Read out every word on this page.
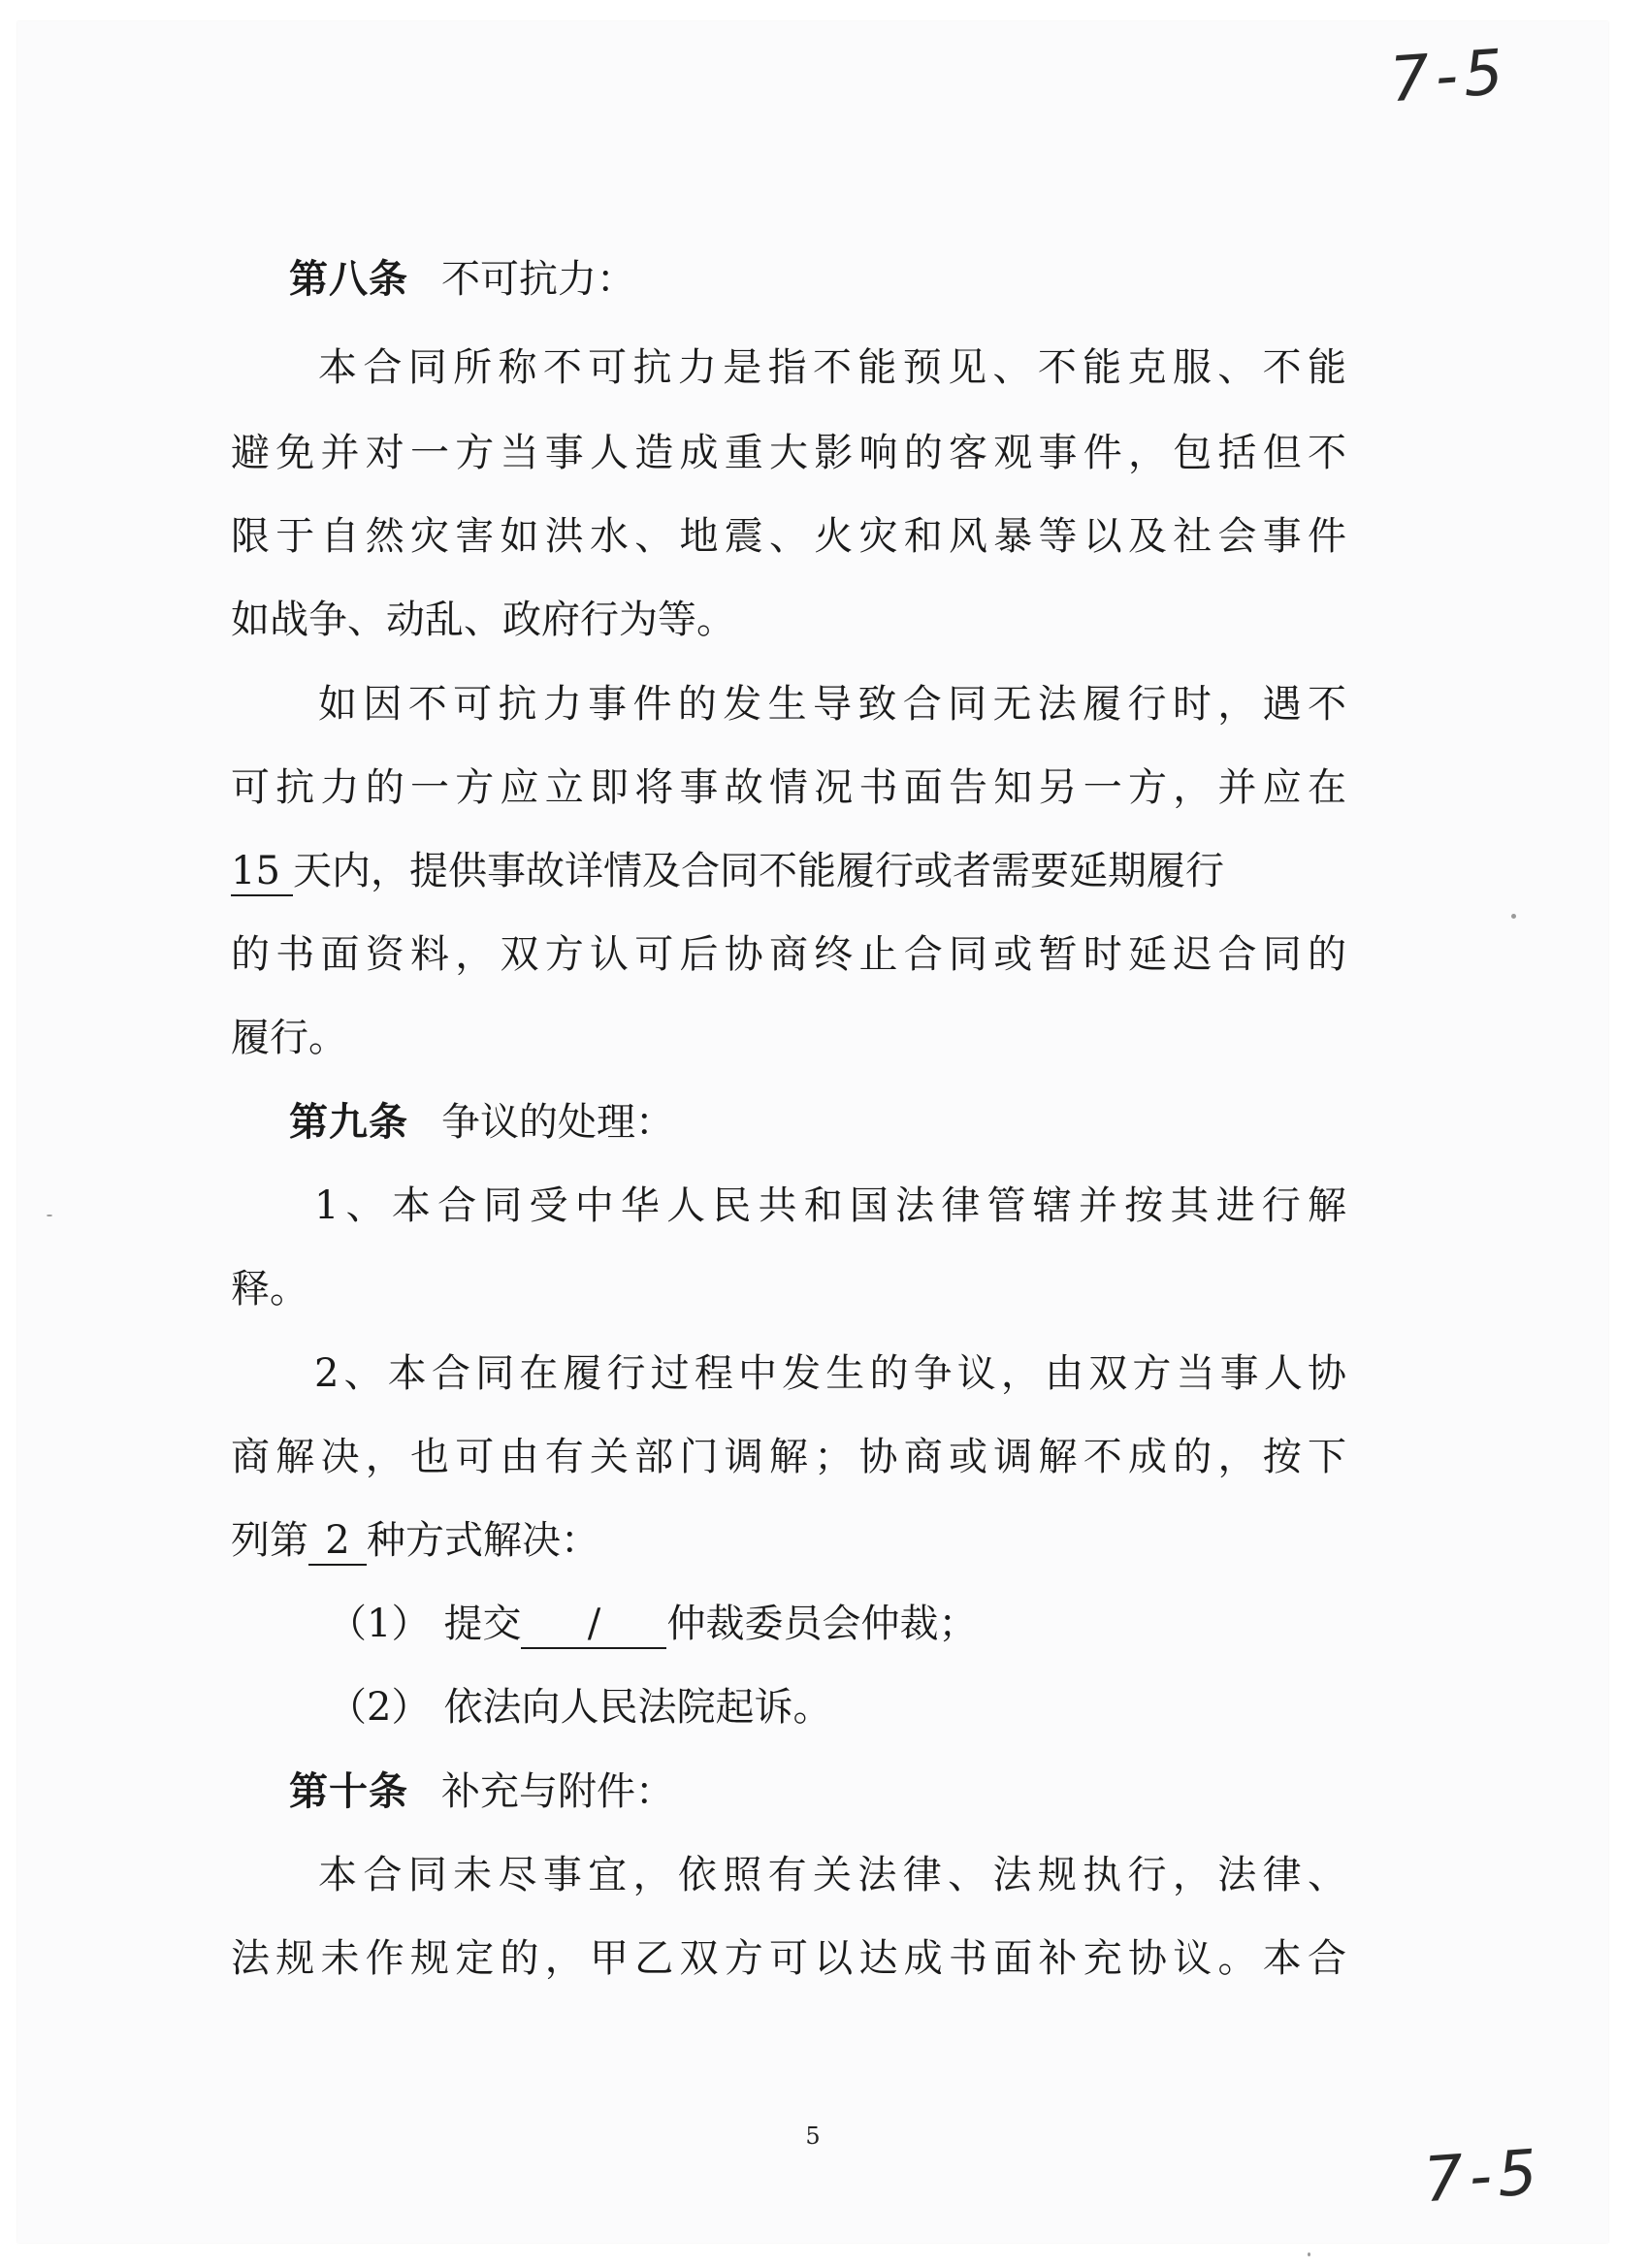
7-5
7-5
第八条 不可抗力：
本合同所称不可抗力是指不能预见、不能克服、不能
避免并对一方当事人造成重大影响的客观事件，包括但不
限于自然灾害如洪水、地震、火灾和风暴等以及社会事件
如战争、动乱、政府行为等。
如因不可抗力事件的发生导致合同无法履行时，遇不
可抗力的一方应立即将事故情况书面告知另一方，并应在
15 天内，提供事故详情及合同不能履行或者需要延期履行
的书面资料，双方认可后协商终止合同或暂时延迟合同的
履行。
第九条 争议的处理：
1、本合同受中华人民共和国法律管辖并按其进行解
释。
2、本合同在履行过程中发生的争议，由双方当事人协
商解决，也可由有关部门调解；协商或调解不成的，按下
列第 2 种方式解决：
（1） 提交 / 仲裁委员会仲裁；
（2） 依法向人民法院起诉。
第十条 补充与附件：
本合同未尽事宜，依照有关法律、法规执行，法律、
法规未作规定的，甲乙双方可以达成书面补充协议。本合
5
